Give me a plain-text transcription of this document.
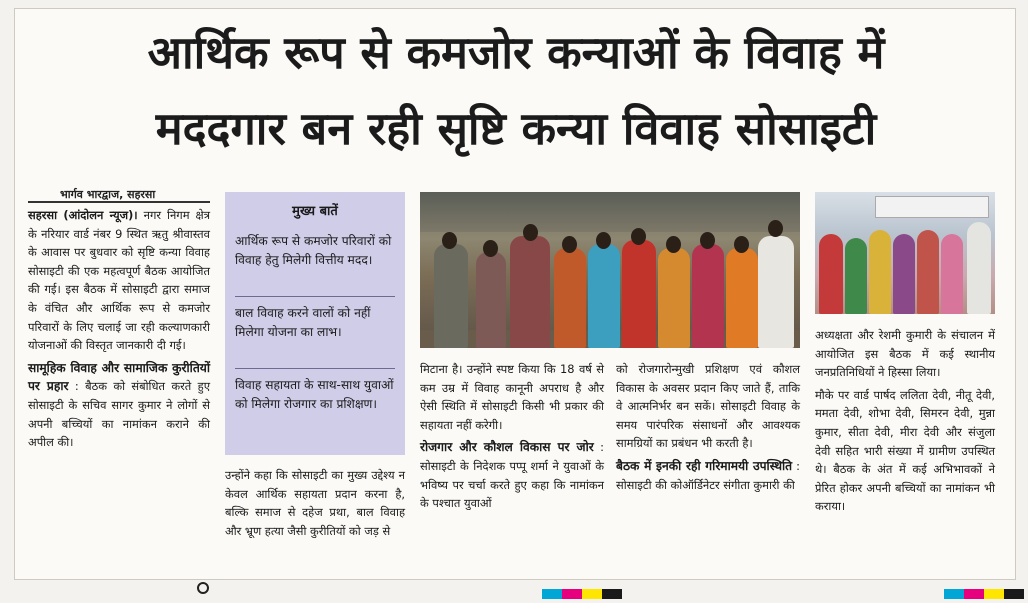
आर्थिक रूप से कमजोर कन्याओं के विवाह में
मददगार बन रही सृष्टि कन्या विवाह सोसाइटी
भार्गव भारद्वाज, सहरसा

सहरसा (आंदोलन न्यूज)। नगर निगम क्षेत्र के नरियार वार्ड नंबर 9 स्थित ऋतु श्रीवास्तव के आवास पर बुधवार को सृष्टि कन्या विवाह सोसाइटी की एक महत्वपूर्ण बैठक आयोजित की गई। इस बैठक में सोसाइटी द्वारा समाज के वंचित और आर्थिक रूप से कमजोर परिवारों के लिए चलाई जा रही कल्याणकारी योजनाओं की विस्तृत जानकारी दी गई।

सामूहिक विवाह और सामाजिक कुरीतियों पर प्रहार : बैठक को संबोधित करते हुए सोसाइटी के सचिव सागर कुमार ने लोगों से अपनी बच्चियों का नामांकन कराने की अपील की।

मुख्य बातें
आर्थिक रूप से कमजोर परिवारों को विवाह हेतु मिलेगी वित्तीय मदद।
बाल विवाह करने वालों को नहीं मिलेगा योजना का लाभ।
विवाह सहायता के साथ-साथ युवाओं को मिलेगा रोजगार का प्रशिक्षण।

उन्होंने कहा कि सोसाइटी का मुख्य उद्देश्य न केवल आर्थिक सहायता प्रदान करना है, बल्कि समाज से दहेज प्रथा, बाल विवाह और भ्रूण हत्या जैसी कुरीतियों को जड़ से

मिटाना है। उन्होंने स्पष्ट किया कि 18 वर्ष से कम उम्र में विवाह कानूनी अपराध है और ऐसी स्थिति में सोसाइटी किसी भी प्रकार की सहायता नहीं करेगी।

रोजगार और कौशल विकास पर जोर : सोसाइटी के निदेशक पप्पू शर्मा ने युवाओं के भविष्य पर चर्चा करते हुए कहा कि नामांकन के पश्चात युवाओं

को रोजगारोन्मुखी प्रशिक्षण एवं कौशल विकास के अवसर प्रदान किए जाते हैं, ताकि वे आत्मनिर्भर बन सकें। सोसाइटी विवाह के समय पारंपरिक संसाधनों और आवश्यक सामग्रियों का प्रबंधन भी करती है।

बैठक में इनकी रही गरिमामयी उपस्थिति : सोसाइटी की कोऑर्डिनेटर संगीता कुमारी की

अध्यक्षता और रेशमी कुमारी के संचालन में आयोजित इस बैठक में कई स्थानीय जनप्रतिनिधियों ने हिस्सा लिया।

मौके पर वार्ड पार्षद ललिता देवी, नीतू देवी, ममता देवी, शोभा देवी, सिमरन देवी, मुन्ना कुमार, सीता देवी, मीरा देवी और संजुला देवी सहित भारी संख्या में ग्रामीण उपस्थित थे। बैठक के अंत में कई अभिभावकों ने प्रेरित होकर अपनी बच्चियों का नामांकन भी कराया।
